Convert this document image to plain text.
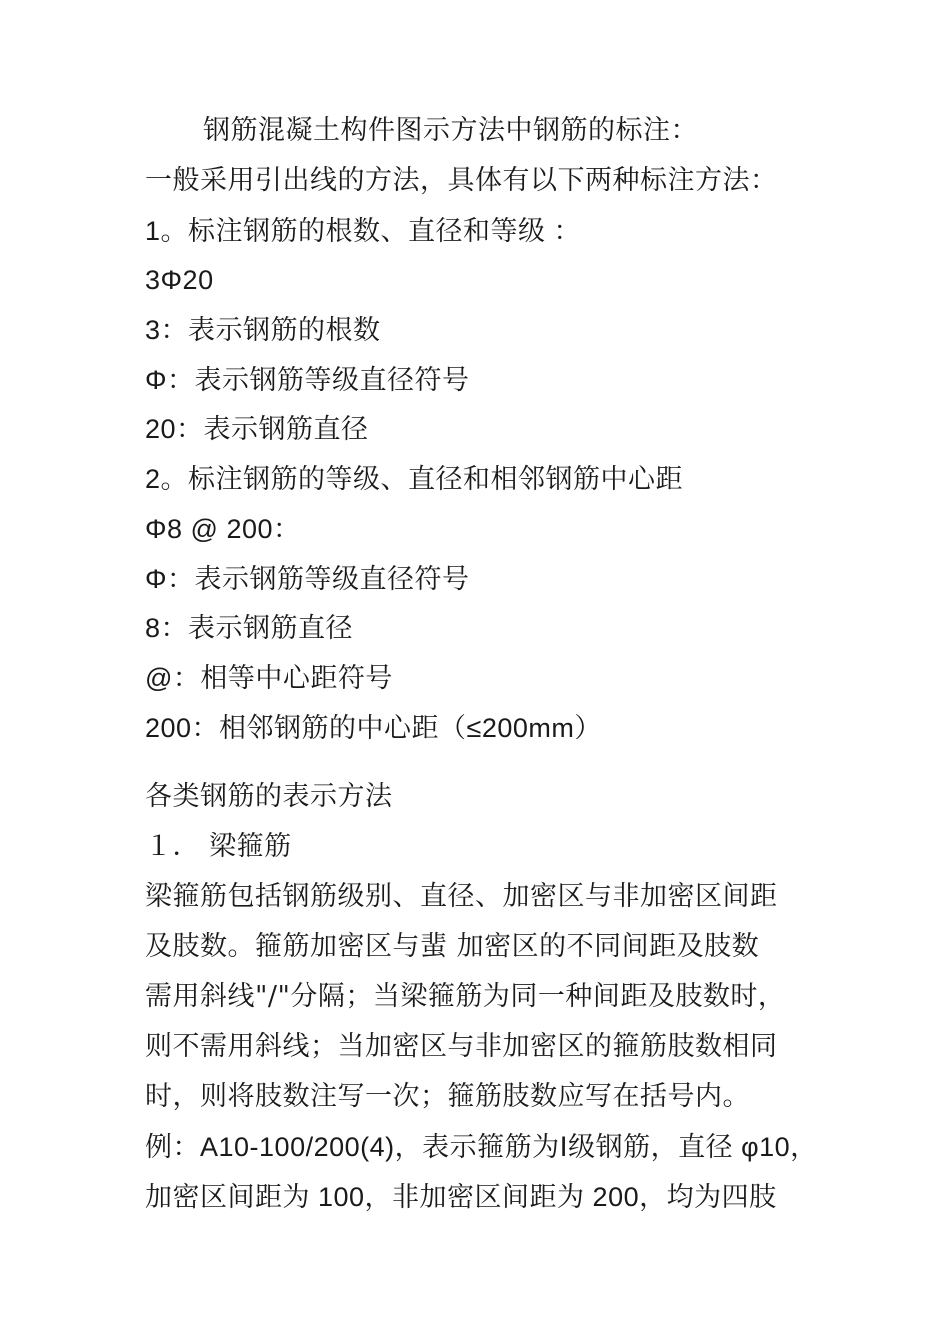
钢筋混凝土构件图示方法中钢筋的标注：
一般采用引出线的方法，具体有以下两种标注方法：
1。标注钢筋的根数、直径和等级 ：
3Φ20
3：表示钢筋的根数
Φ：表示钢筋等级直径符号
20：表示钢筋直径
2。标注钢筋的等级、直径和相邻钢筋中心距
Φ8 @ 200：
Φ：表示钢筋等级直径符号
8：表示钢筋直径
@：相等中心距符号
200：相邻钢筋的中心距（≤200mm）
各类钢筋的表示方法
１． 梁箍筋
梁箍筋包括钢筋级别、直径、加密区与非加密区间距
及肢数。箍筋加密区与蜚 加密区的不同间距及肢数
需用斜线"/"分隔；当梁箍筋为同一种间距及肢数时，
则不需用斜线；当加密区与非加密区的箍筋肢数相同
时，则将肢数注写一次；箍筋肢数应写在括号内。
例：A10-100/200(4)，表示箍筋为Ⅰ级钢筋，直径 φ10，
加密区间距为 100，非加密区间距为 200，均为四肢
